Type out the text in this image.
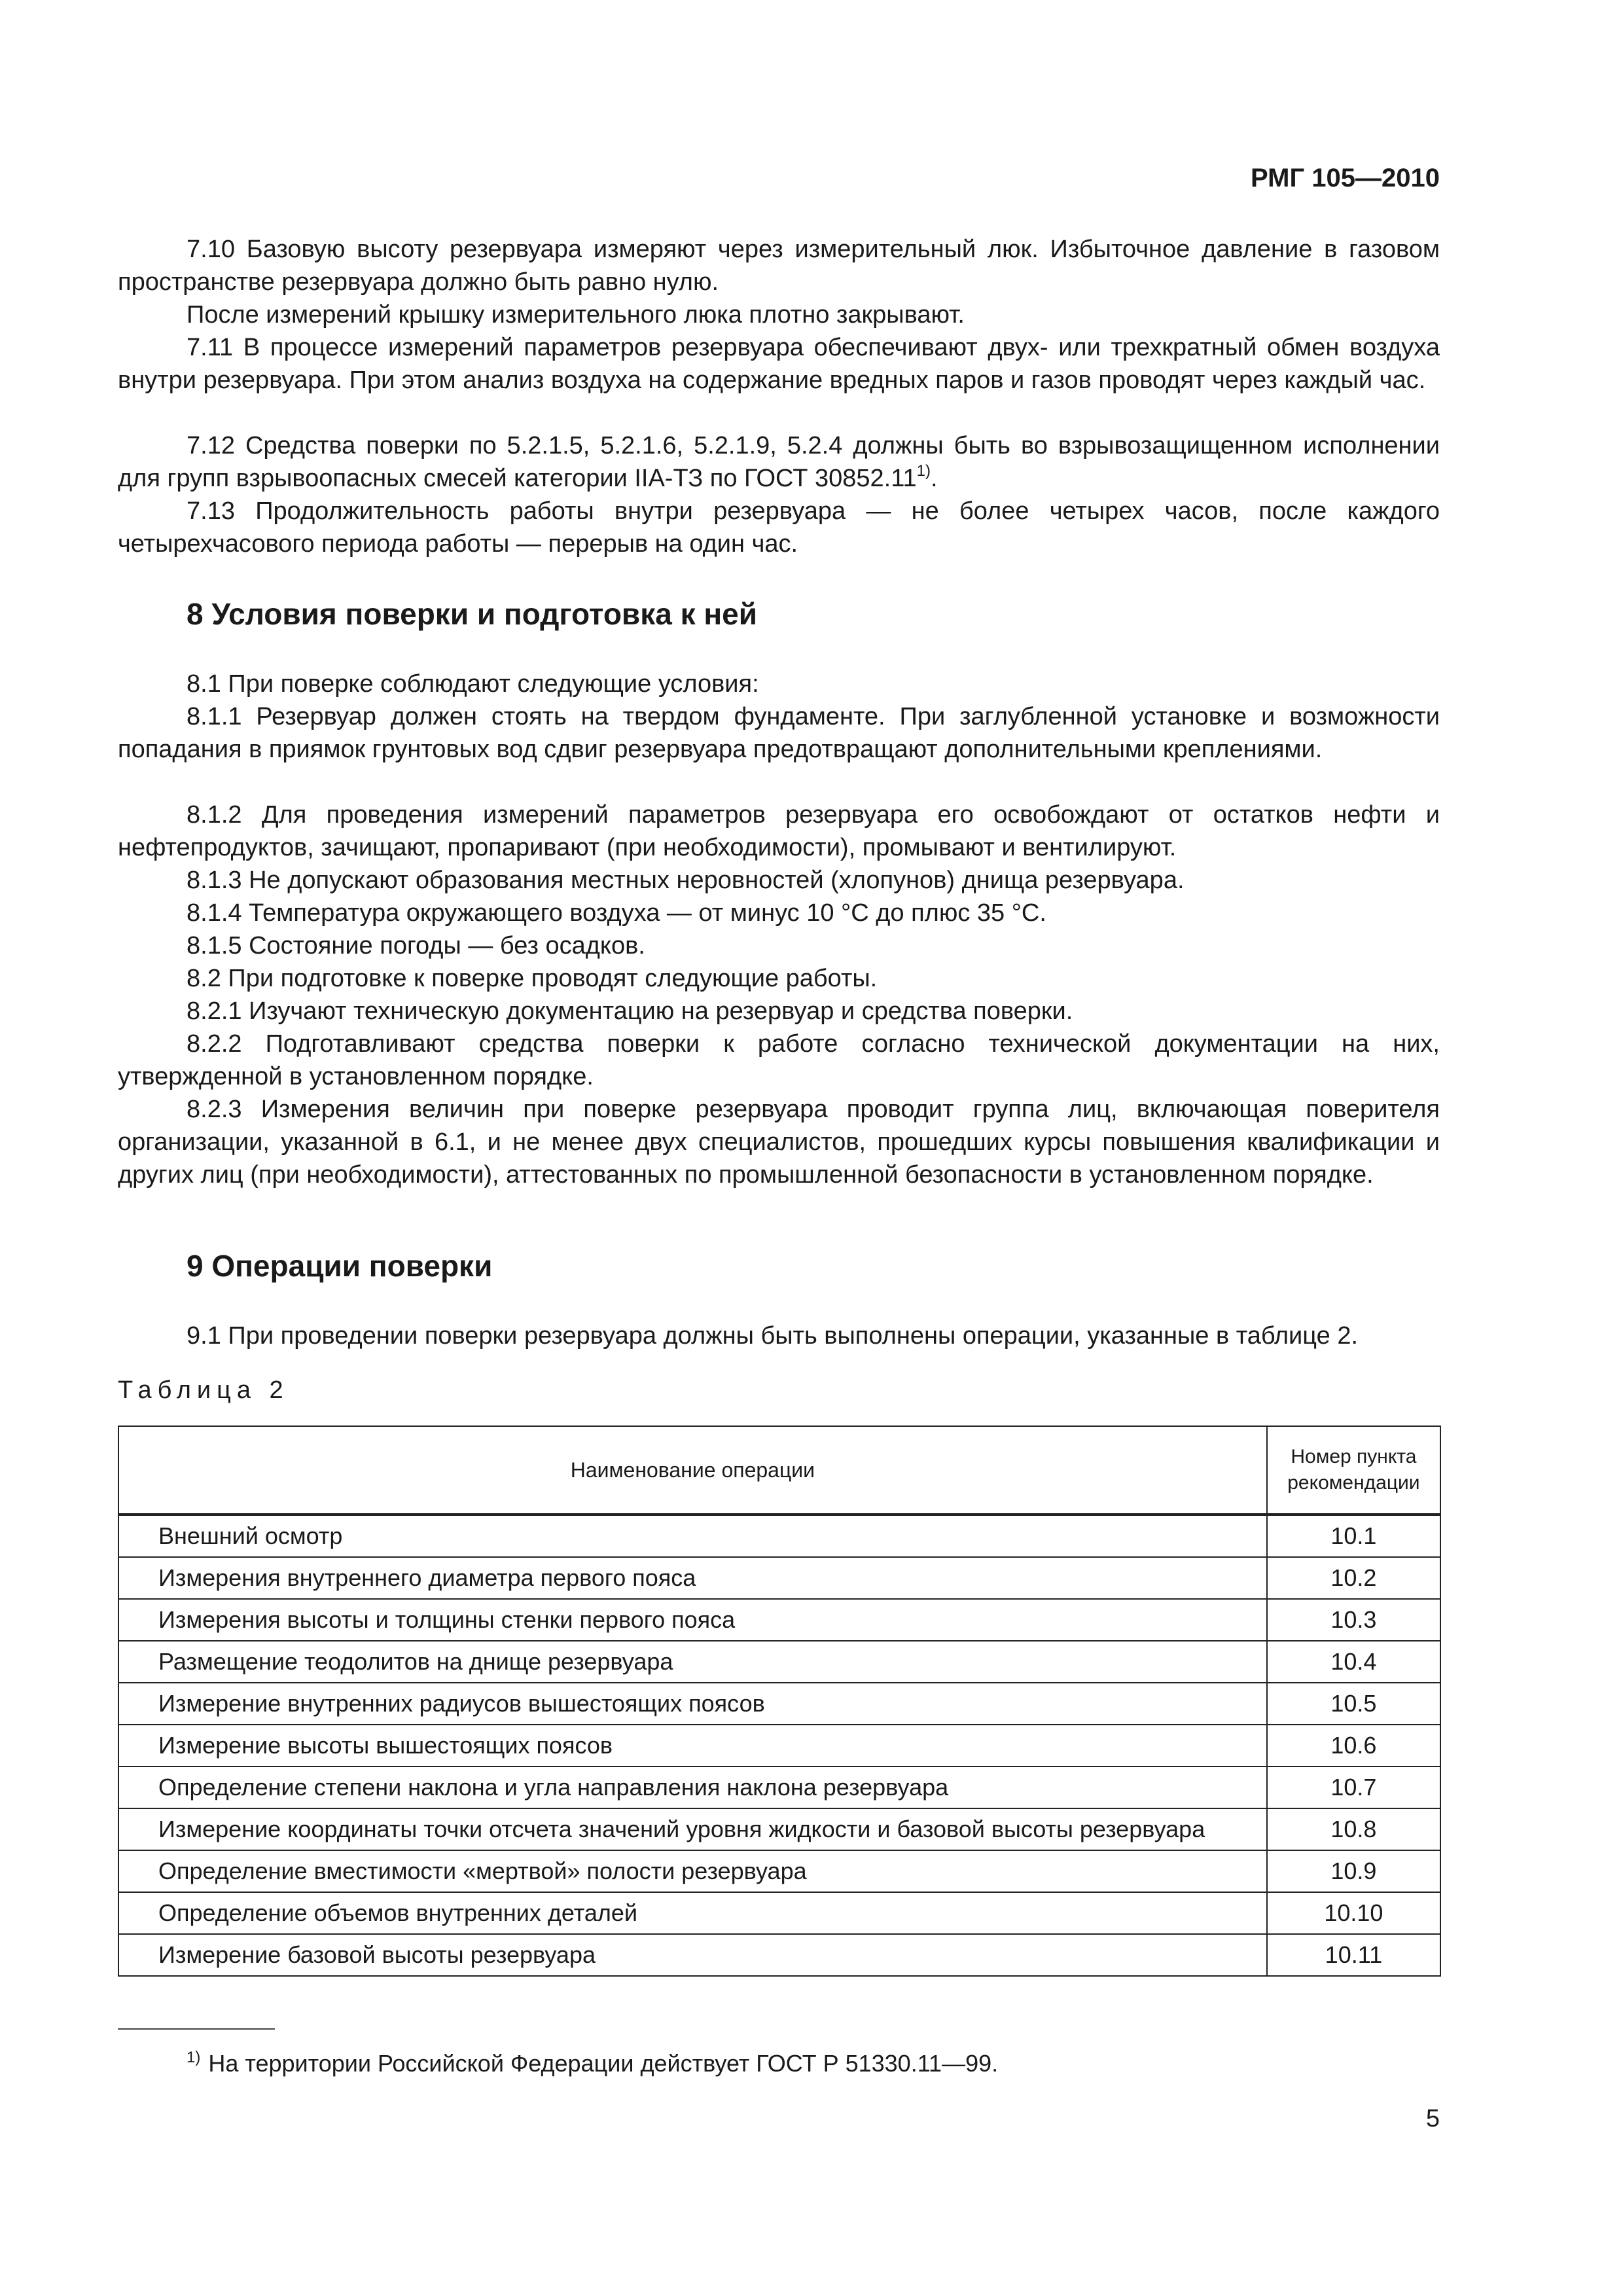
РМГ 105—2010

7.10 Базовую высоту резервуара измеряют через измерительный люк. Избыточное давление в газовом пространстве резервуара должно быть равно нулю.

После измерений крышку измерительного люка плотно закрывают.

7.11 В процессе измерений параметров резервуара обеспечивают двух- или трехкратный обмен воздуха внутри резервуара. При этом анализ воздуха на содержание вредных паров и газов проводят через каждый час.

7.12 Средства поверки по 5.2.1.5, 5.2.1.6, 5.2.1.9, 5.2.4 должны быть во взрывозащищенном исполнении для групп взрывоопасных смесей категории IIA-ТЗ по ГОСТ 30852.11$^{1)}$.

7.13 Продолжительность работы внутри резервуара — не более четырех часов, после каждого четырехчасового периода работы — перерыв на один час.

8 Условия поверки и подготовка к ней

8.1 При поверке соблюдают следующие условия:

8.1.1 Резервуар должен стоять на твердом фундаменте. При заглубленной установке и возможности попадания в приямок грунтовых вод сдвиг резервуара предотвращают дополнительными креплениями.

8.1.2 Для проведения измерений параметров резервуара его освобождают от остатков нефти и нефтепродуктов, зачищают, пропаривают (при необходимости), промывают и вентилируют.

8.1.3 Не допускают образования местных неровностей (хлопунов) днища резервуара.

8.1.4 Температура окружающего воздуха — от минус 10 °С до плюс 35 °С.

8.1.5 Состояние погоды — без осадков.

8.2 При подготовке к поверке проводят следующие работы.

8.2.1 Изучают техническую документацию на резервуар и средства поверки.

8.2.2 Подготавливают средства поверки к работе согласно технической документации на них, утвержденной в установленном порядке.

8.2.3 Измерения величин при поверке резервуара проводит группа лиц, включающая поверителя организации, указанной в 6.1, и не менее двух специалистов, прошедших курсы повышения квалификации и других лиц (при необходимости), аттестованных по промышленной безопасности в установленном порядке.

9 Операции поверки

9.1 При проведении поверки резервуара должны быть выполнены операции, указанные в таблице 2.

Таблица 2
Наименование операции	Номер пункта рекомендации
Внешний осмотр	10.1
Измерения внутреннего диаметра первого пояса	10.2
Измерения высоты и толщины стенки первого пояса	10.3
Размещение теодолитов на днище резервуара	10.4
Измерение внутренних радиусов вышестоящих поясов	10.5
Измерение высоты вышестоящих поясов	10.6
Определение степени наклона и угла направления наклона резервуара	10.7
Измерение координаты точки отсчета значений уровня жидкости и базовой высоты резервуара	10.8
Определение вместимости «мертвой» полости резервуара	10.9
Определение объемов внутренних деталей	10.10
Измерение базовой высоты резервуара	10.11
$^{1)}$ На территории Российской Федерации действует ГОСТ Р 51330.11—99.
5
